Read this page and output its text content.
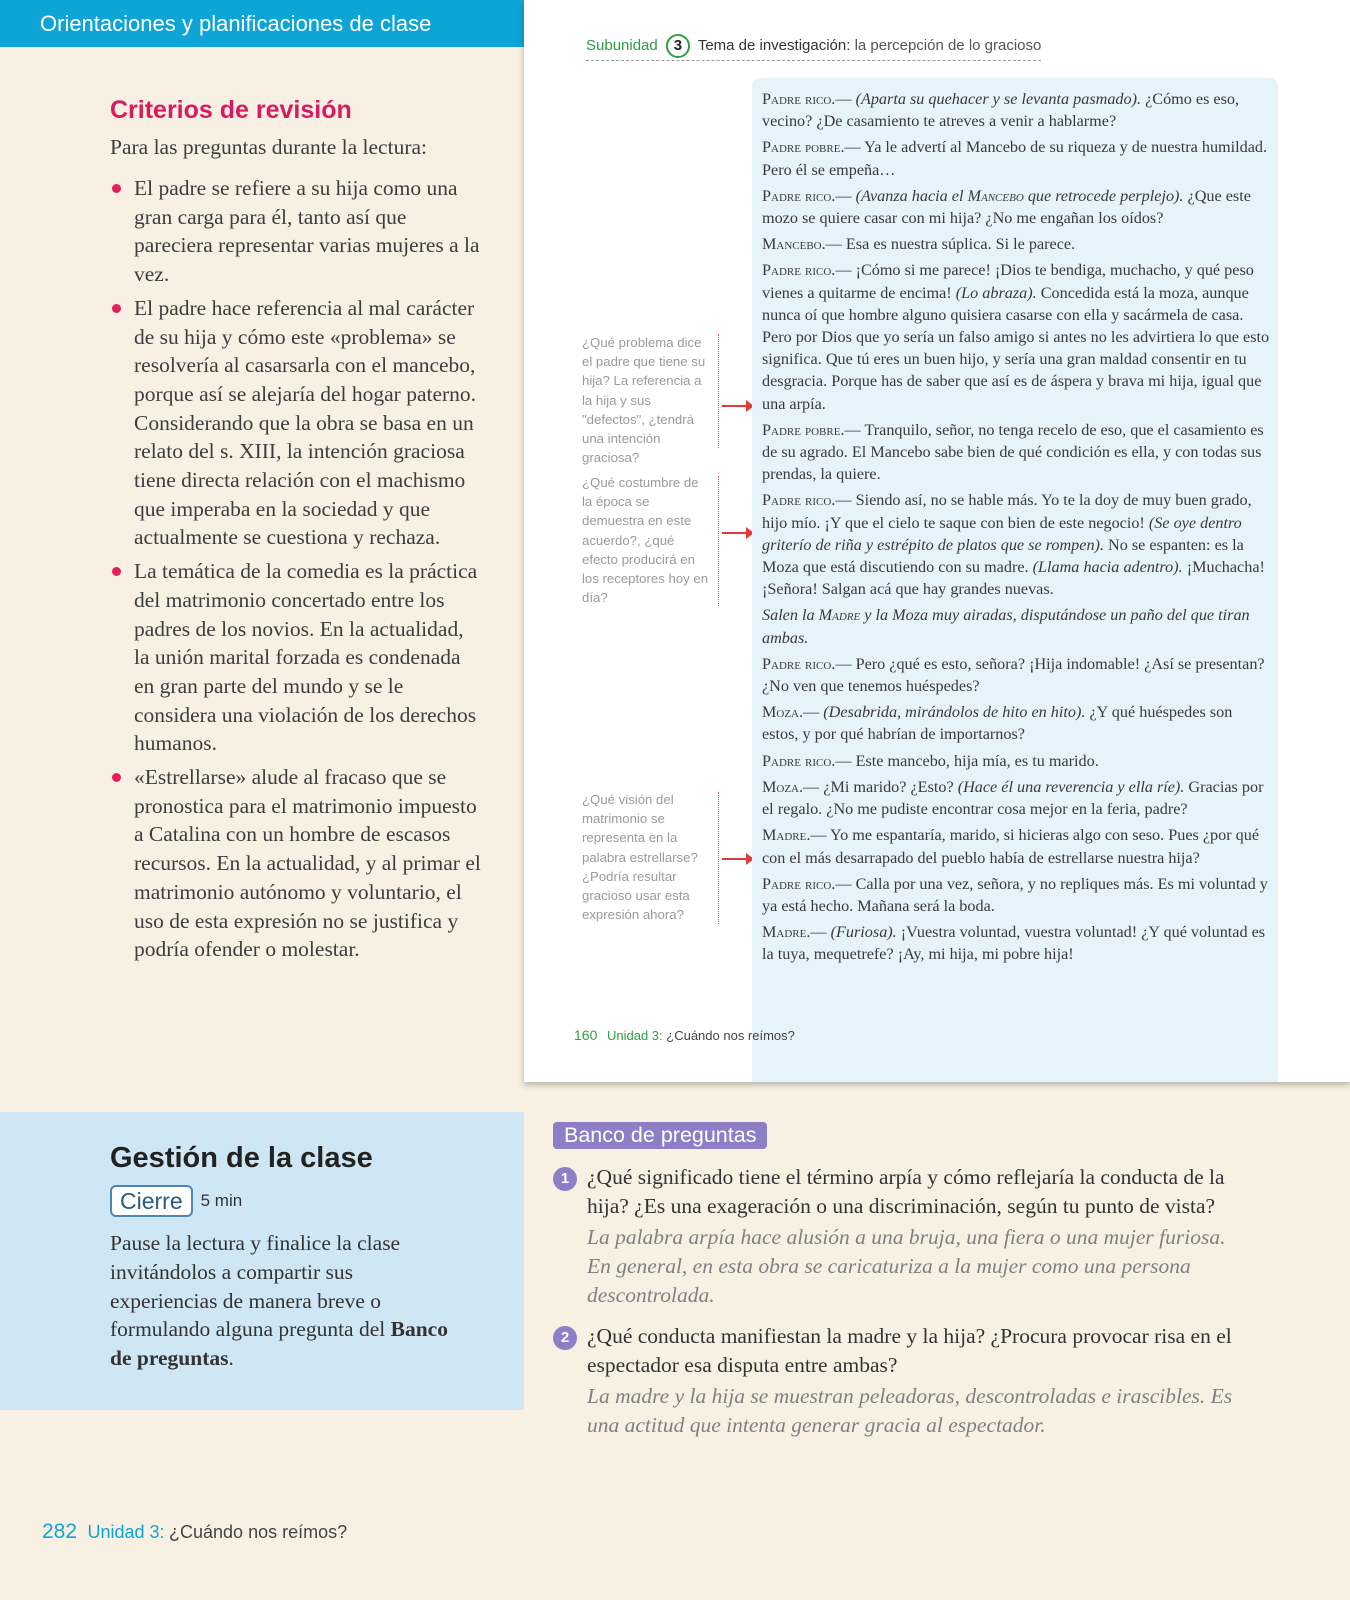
Orientaciones y planificaciones de clase
Criterios de revisión

Para las preguntas durante la lectura:

El padre se refiere a su hija como una gran carga para él, tanto así que pareciera representar varias mujeres a la vez.
El padre hace referencia al mal carácter de su hija y cómo este «problema» se resolvería al casarsarla con el mancebo, porque así se alejaría del hogar paterno. Considerando que la obra se basa en un relato del s. XIII, la intención graciosa tiene directa relación con el machismo que imperaba en la sociedad y que actualmente se cuestiona y rechaza.
La temática de la comedia es la práctica del matrimonio concertado entre los padres de los novios. En la actualidad, la unión marital forzada es condenada en gran parte del mundo y se le considera una violación de los derechos humanos.
«Estrellarse» alude al fracaso que se pronostica para el matrimonio impuesto a Catalina con un hombre de escasos recursos. En la actualidad, y al primar el matrimonio autónomo y voluntario, el uso de esta expresión no se justifica y podría ofender o molestar.
Subunidad 3 Tema de investigación: la percepción de lo gracioso
¿Qué problema dice el padre que tiene su hija? La referencia a la hija y sus "defectos", ¿tendrá una intención graciosa?
¿Qué costumbre de la época se demuestra en este acuerdo?, ¿qué efecto producirá en los receptores hoy en día?
¿Qué visión del matrimonio se representa en la palabra estrellarse? ¿Podría resultar gracioso usar esta expresión ahora?

Padre rico.— (Aparta su quehacer y se levanta pasmado). ¿Cómo es eso, vecino? ¿De casamiento te atreves a venir a hablarme?

Padre pobre.— Ya le advertí al Mancebo de su riqueza y de nuestra humildad. Pero él se empeña…

Padre rico.— (Avanza hacia el Mancebo que retrocede perplejo). ¿Que este mozo se quiere casar con mi hija? ¿No me engañan los oídos?

Mancebo.— Esa es nuestra súplica. Si le parece.

Padre rico.— ¡Cómo si me parece! ¡Dios te bendiga, muchacho, y qué peso vienes a quitarme de encima! (Lo abraza). Concedida está la moza, aunque nunca oí que hombre alguno quisiera casarse con ella y sacármela de casa. Pero por Dios que yo sería un falso amigo si antes no les advirtiera lo que esto significa. Que tú eres un buen hijo, y sería una gran maldad consentir en tu desgracia. Porque has de saber que así es de áspera y brava mi hija, igual que una arpía.

Padre pobre.— Tranquilo, señor, no tenga recelo de eso, que el casamiento es de su agrado. El Mancebo sabe bien de qué condición es ella, y con todas sus prendas, la quiere.

Padre rico.— Siendo así, no se hable más. Yo te la doy de muy buen grado, hijo mío. ¡Y que el cielo te saque con bien de este negocio! (Se oye dentro griterío de riña y estrépito de platos que se rompen). No se espanten: es la Moza que está discutiendo con su madre. (Llama hacia adentro). ¡Muchacha! ¡Señora! Salgan acá que hay grandes nuevas.

Salen la Madre y la Moza muy airadas, disputándose un paño del que tiran ambas.

Padre rico.— Pero ¿qué es esto, señora? ¡Hija indomable! ¿Así se presentan? ¿No ven que tenemos huéspedes?

Moza.— (Desabrida, mirándolos de hito en hito). ¿Y qué huéspedes son estos, y por qué habrían de importarnos?

Padre rico.— Este mancebo, hija mía, es tu marido.

Moza.— ¿Mi marido? ¿Esto? (Hace él una reverencia y ella ríe). Gracias por el regalo. ¿No me pudiste encontrar cosa mejor en la feria, padre?

Madre.— Yo me espantaría, marido, si hicieras algo con seso. Pues ¿por qué con el más desarrapado del pueblo había de estrellarse nuestra hija?

Padre rico.— Calla por una vez, señora, y no repliques más. Es mi voluntad y ya está hecho. Mañana será la boda.

Madre.— (Furiosa). ¡Vuestra voluntad, vuestra voluntad! ¿Y qué voluntad es la tuya, mequetrefe? ¡Ay, mi hija, mi pobre hija!

160 Unidad 3: ¿Cuándo nos reímos?
Gestión de la clase
Cierre	5 min

Pause la lectura y finalice la clase invitándolos a compartir sus experiencias de manera breve o formulando alguna pregunta del Banco de preguntas.

Banco de preguntas
1 ¿Qué significado tiene el término arpía y cómo reflejaría la conducta de la hija? ¿Es una exageración o una discriminación, según tu punto de vista?

La palabra arpía hace alusión a una bruja, una fiera o una mujer furiosa. En general, en esta obra se caricaturiza a la mujer como una persona descontrolada.

2 ¿Qué conducta manifiestan la madre y la hija? ¿Procura provocar risa en el espectador esa disputa entre ambas?

La madre y la hija se muestran peleadoras, descontroladas e irascibles. Es una actitud que intenta generar gracia al espectador.

282 Unidad 3: ¿Cuándo nos reímos?
